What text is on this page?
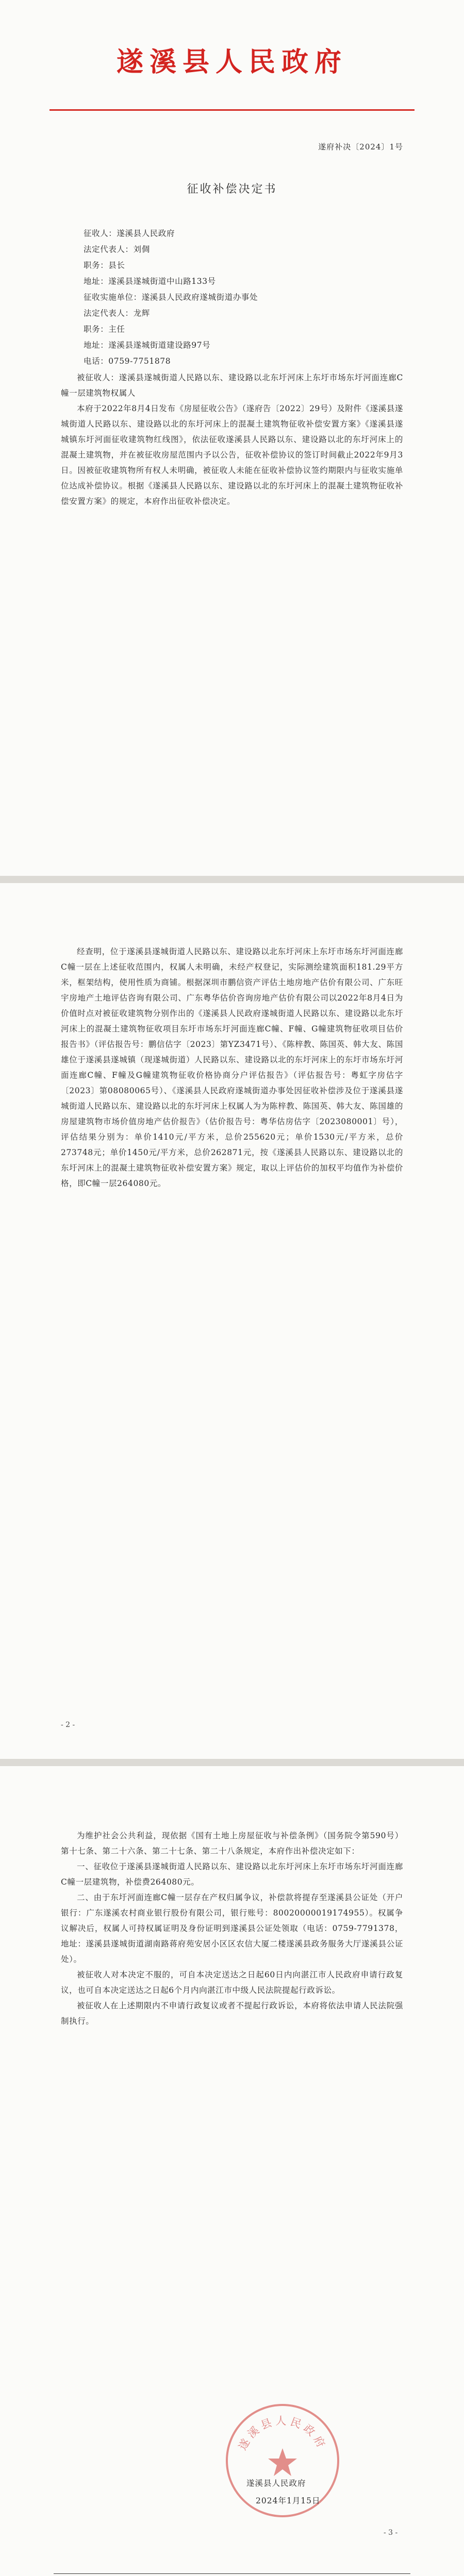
遂溪县人民政府
遂府补决〔2024〕1号
征收补偿决定书
征收人：遂溪县人民政府
法定代表人：刘倜
职务：县长
地址：遂溪县遂城街道中山路133号
征收实施单位：遂溪县人民政府遂城街道办事处
法定代表人：龙辉
职务：主任
地址：遂溪县遂城街道建设路97号
电话：0759-7751878

被征收人：遂溪县遂城街道人民路以东、建设路以北东圩河床上东圩市场东圩河面连廊C幢一层建筑物权属人

本府于2022年8月4日发布《房屋征收公告》（遂府告〔2022〕29号）及附件《遂溪县遂城街道人民路以东、建设路以北的东圩河床上的混凝土建筑物征收补偿安置方案》《遂溪县遂城镇东圩河面征收建筑物红线图》，依法征收遂溪县人民路以东、建设路以北的东圩河床上的混凝土建筑物，并在被征收房屋范围内予以公告，征收补偿协议的签订时间截止2022年9月3日。因被征收建筑物所有权人未明确，被征收人未能在征收补偿协议签约期限内与征收实施单位达成补偿协议。根据《遂溪县人民路以东、建设路以北的东圩河床上的混凝土建筑物征收补偿安置方案》的规定，本府作出征收补偿决定。

经查明，位于遂溪县遂城街道人民路以东、建设路以北东圩河床上东圩市场东圩河面连廊C幢一层在上述征收范围内，权属人未明确，未经产权登记，实际测绘建筑面积181.29平方米，框架结构，使用性质为商铺。根据深圳市鹏信资产评估土地房地产估价有限公司、广东旺宇房地产土地评估咨询有限公司、广东粤华估价咨询房地产估价有限公司以2022年8月4日为价值时点对被征收建筑物分别作出的《遂溪县人民政府遂城街道人民路以东、建设路以北东圩河床上的混凝土建筑物征收项目东圩市场东圩河面连廊C幢、F幢、G幢建筑物征收项目估价报告书》（评估报告号：鹏信估字〔2023〕第YZ3471号）、《陈梓教、陈国英、韩大友、陈国雄位于遂溪县遂城镇（现遂城街道）人民路以东、建设路以北的东圩河床上的东圩市场东圩河面连廊C幢、F幢及G幢建筑物征收价格协商分户评估报告》（评估报告号：粤虹字房估字〔2023〕第08080065号）、《遂溪县人民政府遂城街道办事处因征收补偿涉及位于遂溪县遂城街道人民路以东、建设路以北的东圩河床上权属人为为陈梓教、陈国英、韩大友、陈国雄的房屋建筑物市场价值房地产估价报告》（估价报告号：粤华估房估字〔2023080001〕号），评估结果分别为：单价1410元/平方米，总价255620元；单价1530元/平方米，总价273748元；单价1450元/平方米，总价262871元，按《遂溪县人民路以东、建设路以北的东圩河床上的混凝土建筑物征收补偿安置方案》规定，取以上评估价的加权平均值作为补偿价格，即C幢一层264080元。

- 2 -

为维护社会公共利益，现依据《国有土地上房屋征收与补偿条例》（国务院令第590号）第十七条、第二十六条、第二十七条、第二十八条规定，本府作出补偿决定如下：

一、征收位于遂溪县遂城街道人民路以东、建设路以北东圩河床上东圩市场东圩河面连廊C幢一层建筑物，补偿费264080元。

二、由于东圩河面连廊C幢一层存在产权归属争议，补偿款将提存至遂溪县公证处（开户银行：广东遂溪农村商业银行股份有限公司，银行账号：80020000019174955）。权属争议解决后，权属人可持权属证明及身份证明到遂溪县公证处领取（电话：0759-7791378，地址：遂溪县遂城街道湖南路蒋府苑安居小区区农信大厦二楼遂溪县政务服务大厅遂溪县公证处）。

被征收人对本决定不服的，可自本决定送达之日起60日内向湛江市人民政府申请行政复议，也可自本决定送达之日起6个月内向湛江市中级人民法院提起行政诉讼。

被征收人在上述期限内不申请行政复议或者不提起行政诉讼，本府将依法申请人民法院强制执行。

遂溪县人民政府
遂溪县人民政府
2024年1月15日
- 3 -
